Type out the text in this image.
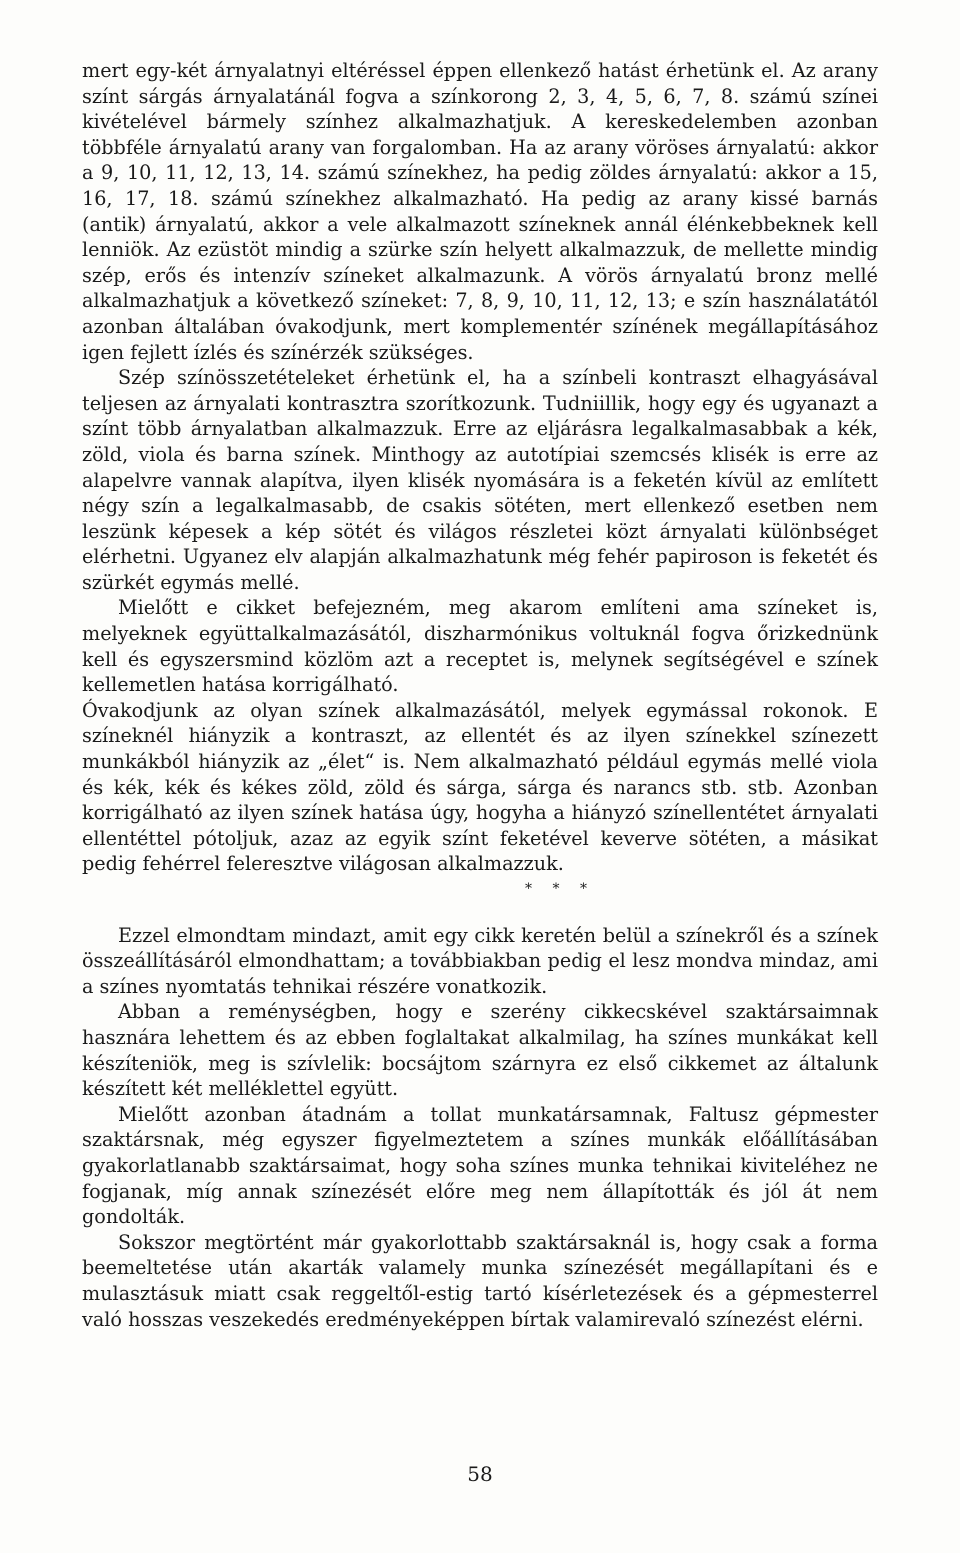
mert egy-két árnyalatnyi eltéréssel éppen ellenkező hatást érhetünk el. Az arany színt sárgás árnyalatánál fogva a színkorong 2, 3, 4, 5, 6, 7, 8. számú színei kivételével bármely színhez alkalmazhatjuk. A kereskedelemben azonban többféle árnyalatú arany van forgalomban. Ha az arany vöröses árnyalatú: akkor a 9, 10, 11, 12, 13, 14. számú színekhez, ha pedig zöldes árnyalatú: akkor a 15, 16, 17, 18. számú színekhez alkalmazható. Ha pedig az arany kissé barnás (antik) árnyalatú, akkor a vele alkalmazott színeknek annál élénkebbeknek kell lenniök. Az ezüstöt mindig a szürke szín helyett alkalmazzuk, de mellette mindig szép, erős és intenzív színeket alkalmazunk. A vörös árnyalatú bronz mellé alkalmazhatjuk a következő színeket: 7, 8, 9, 10, 11, 12, 13; e szín használatától azonban általában óvakodjunk, mert komplementér színének megállapításához igen fejlett ízlés és színérzék szükséges.

Szép színösszetételeket érhetünk el, ha a színbeli kontraszt elhagyásával teljesen az árnyalati kontrasztra szorítkozunk. Tudniillik, hogy egy és ugyanazt a színt több árnyalatban alkalmazzuk. Erre az eljárásra legalkalmasabbak a kék, zöld, viola és barna színek. Minthogy az autotípiai szemcsés klisék is erre az alapelvre vannak alapítva, ilyen klisék nyomására is a feketén kívül az említett négy szín a legalkalmasabb, de csakis sötéten, mert ellenkező esetben nem leszünk képesek a kép sötét és világos részletei közt árnyalati különbséget elérhetni. Ugyanez elv alapján alkalmazhatunk még fehér papiroson is feketét és szürkét egymás mellé.

Mielőtt e cikket befejezném, meg akarom említeni ama színeket is, melyeknek együttalkalmazásától, diszharmónikus voltuknál fogva őrizkednünk kell és egyszersmind közlöm azt a receptet is, melynek segítségével e színek kellemetlen hatása korrigálható.

Óvakodjunk az olyan színek alkalmazásától, melyek egymással rokonok. E színeknél hiányzik a kontraszt, az ellentét és az ilyen színekkel színezett munkákból hiányzik az „élet“ is. Nem alkalmazható például egymás mellé viola és kék, kék és kékes zöld, zöld és sárga, sárga és narancs stb. stb. Azonban korrigálható az ilyen színek hatása úgy, hogyha a hiányzó színellentétet árnyalati ellentéttel pótoljuk, azaz az egyik színt feketével keverve sötéten, a másikat pedig fehérrel feleresztve világosan alkalmazzuk.

* * *

Ezzel elmondtam mindazt, amit egy cikk keretén belül a színekről és a színek összeállításáról elmondhattam; a továbbiakban pedig el lesz mondva mindaz, ami a színes nyomtatás tehnikai részére vonatkozik.

Abban a reménységben, hogy e szerény cikkecskével szaktársaimnak hasznára lehettem és az ebben foglaltakat alkalmilag, ha színes munkákat kell készíteniök, meg is szívlelik: bocsájtom szárnyra ez első cikkemet az általunk készített két melléklettel együtt.

Mielőtt azonban átadnám a tollat munkatársamnak, Faltusz gépmester szaktársnak, még egyszer figyelmeztetem a színes munkák előállításában gyakorlatlanabb szaktársaimat, hogy soha színes munka tehnikai kiviteléhez ne fogjanak, míg annak színezését előre meg nem állapították és jól át nem gondolták.

Sokszor megtörtént már gyakorlottabb szaktársaknál is, hogy csak a forma beemeltetése után akarták valamely munka színezését megállapítani és e mulasztásuk miatt csak reggeltől-estig tartó kísérletezések és a gépmesterrel való hosszas veszekedés eredményeképpen bírtak valamirevaló színezést elérni.

58
